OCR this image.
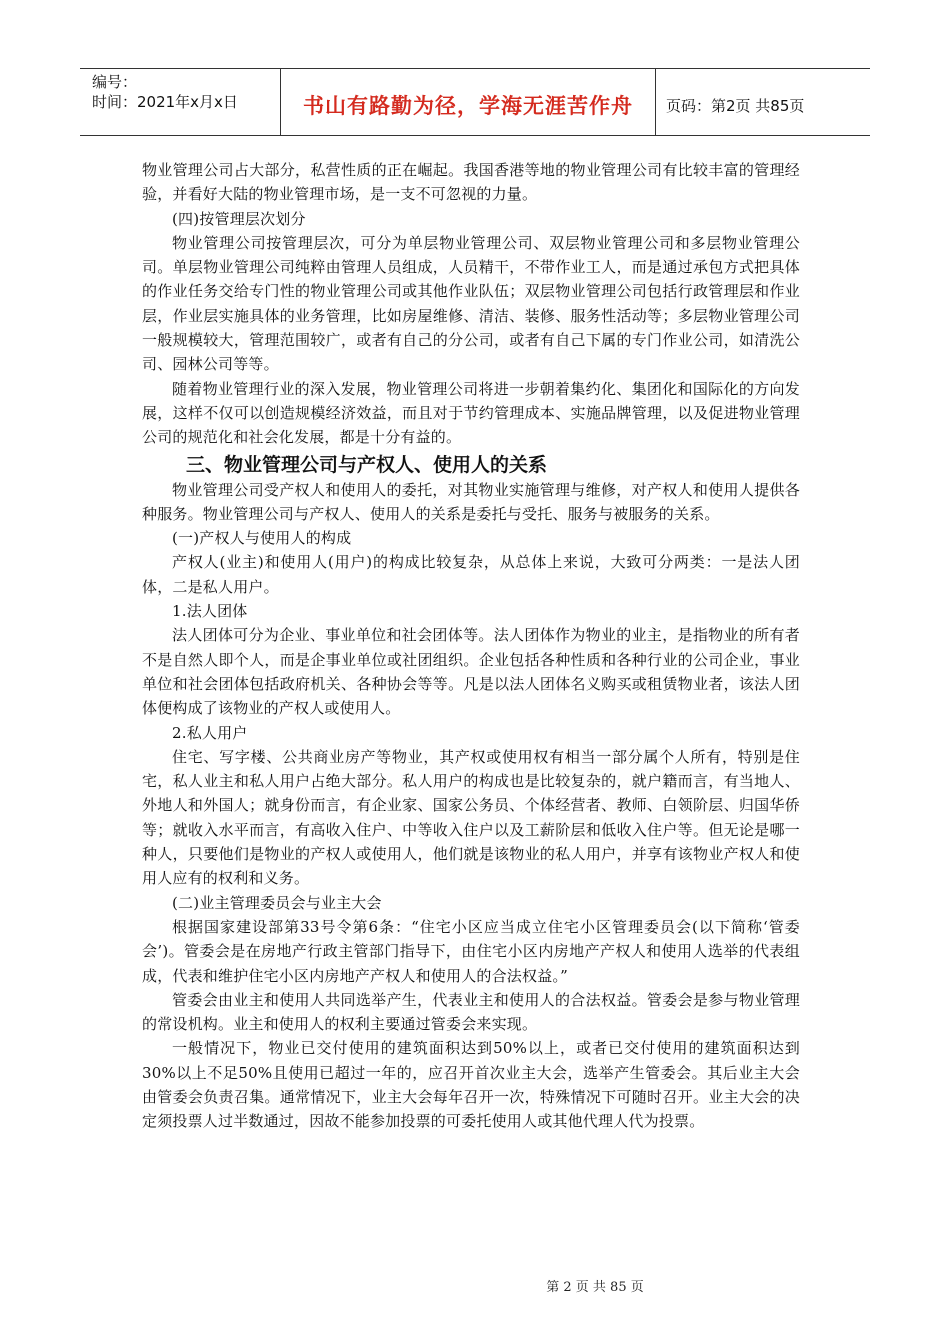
编号：
时间：2021年x月x日	书山有路勤为径，学海无涯苦作舟	页码：第2页 共85页

物业管理公司占大部分，私营性质的正在崛起。我国香港等地的物业管理公司有比较丰富的管理经验，并看好大陆的物业管理市场，是一支不可忽视的力量。

(四)按管理层次划分

物业管理公司按管理层次，可分为单层物业管理公司、双层物业管理公司和多层物业管理公司。单层物业管理公司纯粹由管理人员组成，人员精干，不带作业工人，而是通过承包方式把具体的作业任务交给专门性的物业管理公司或其他作业队伍；双层物业管理公司包括行政管理层和作业层，作业层实施具体的业务管理，比如房屋维修、清洁、装修、服务性活动等；多层物业管理公司一般规模较大，管理范围较广，或者有自己的分公司，或者有自己下属的专门作业公司，如清洗公司、园林公司等等。

随着物业管理行业的深入发展，物业管理公司将进一步朝着集约化、集团化和国际化的方向发展，这样不仅可以创造规模经济效益，而且对于节约管理成本、实施品牌管理，以及促进物业管理公司的规范化和社会化发展，都是十分有益的。

三、物业管理公司与产权人、使用人的关系

物业管理公司受产权人和使用人的委托，对其物业实施管理与维修，对产权人和使用人提供各种服务。物业管理公司与产权人、使用人的关系是委托与受托、服务与被服务的关系。

(一)产权人与使用人的构成

产权人(业主)和使用人(用户)的构成比较复杂，从总体上来说，大致可分两类：一是法人团体，二是私人用户。

1.法人团体

法人团体可分为企业、事业单位和社会团体等。法人团体作为物业的业主，是指物业的所有者不是自然人即个人，而是企事业单位或社团组织。企业包括各种性质和各种行业的公司企业，事业单位和社会团体包括政府机关、各种协会等等。凡是以法人团体名义购买或租赁物业者，该法人团体便构成了该物业的产权人或使用人。

2.私人用户

住宅、写字楼、公共商业房产等物业，其产权或使用权有相当一部分属个人所有，特别是住宅，私人业主和私人用户占绝大部分。私人用户的构成也是比较复杂的，就户籍而言，有当地人、外地人和外国人；就身份而言，有企业家、国家公务员、个体经营者、教师、白领阶层、归国华侨等；就收入水平而言，有高收入住户、中等收入住户以及工薪阶层和低收入住户等。但无论是哪一种人，只要他们是物业的产权人或使用人，他们就是该物业的私人用户，并享有该物业产权人和使用人应有的权利和义务。

(二)业主管理委员会与业主大会

根据国家建设部第33号令第6条：“住宅小区应当成立住宅小区管理委员会(以下简称‘管委会’)。管委会是在房地产行政主管部门指导下，由住宅小区内房地产产权人和使用人选举的代表组成，代表和维护住宅小区内房地产产权人和使用人的合法权益。”

管委会由业主和使用人共同选举产生，代表业主和使用人的合法权益。管委会是参与物业管理的常设机构。业主和使用人的权利主要通过管委会来实现。

一般情况下，物业已交付使用的建筑面积达到50%以上，或者已交付使用的建筑面积达到30%以上不足50%且使用已超过一年的，应召开首次业主大会，选举产生管委会。其后业主大会由管委会负责召集。通常情况下，业主大会每年召开一次，特殊情况下可随时召开。业主大会的决定须投票人过半数通过，因故不能参加投票的可委托使用人或其他代理人代为投票。

第 2 页 共 85 页
